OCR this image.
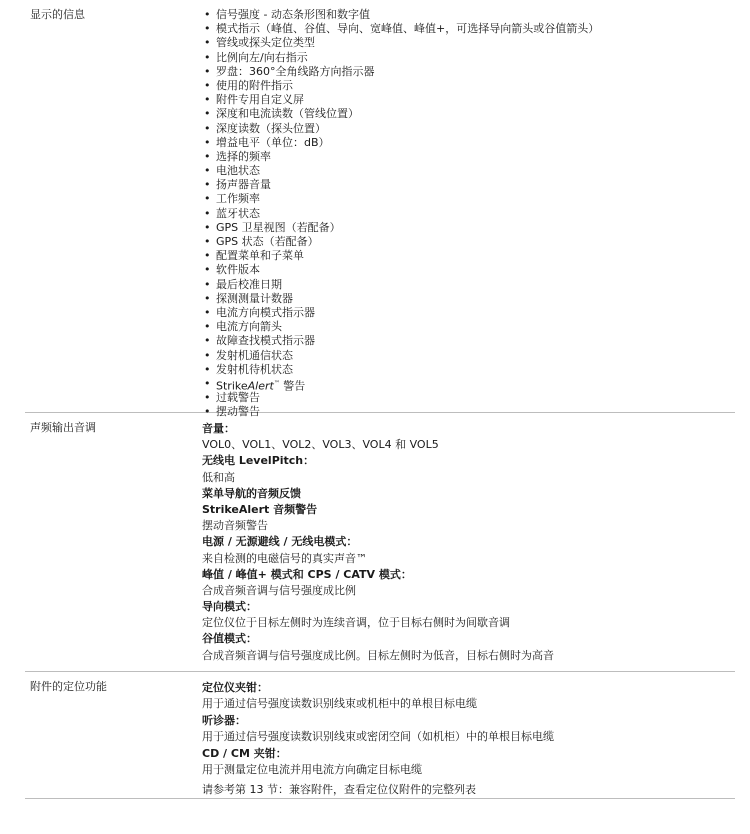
显示的信息
•	信号强度 - 动态条形图和数字值
• 模式指示（峰值、谷值、导向、宽峰值、峰值+，可选择导向箭头或谷值箭头）
• 管线或探头定位类型
• 比例向左/向右指示
• 罗盘：360°全角线路方向指示器
• 使用的附件指示
• 附件专用自定义屏
• 深度和电流读数（管线位置）
• 深度读数（探头位置）
• 增益电平（单位：dB）
• 选择的频率
• 电池状态
• 扬声器音量
• 工作频率
• 蓝牙状态
• GPS 卫星视图（若配备）
• GPS 状态（若配备）
• 配置菜单和子菜单
• 软件版本
• 最后校准日期
• 探测测量计数器
• 电流方向模式指示器
• 电流方向箭头
• 故障查找模式指示器
• 发射机通信状态
• 发射机待机状态
• StrikeAlert™ 警告
• 过载警告
• 摆动警告
声频输出音调	音量：
VOL0、VOL1、VOL2、VOL3、VOL4 和 VOL5
无线电 LevelPitch：
低和高
菜单导航的音频反馈
StrikeAlert 音频警告
摆动音频警告
电源 / 无源避线 / 无线电模式：
来自检测的电磁信号的真实声音™
峰值 / 峰值+ 模式和 CPS / CATV 模式：
合成音频音调与信号强度成比例
导向模式：
定位仪位于目标左侧时为连续音调，位于目标右侧时为间歇音调
谷值模式：
合成音频音调与信号强度成比例。目标左侧时为低音，目标右侧时为高音
附件的定位功能	定位仪夹钳：
用于通过信号强度读数识别线束或机柜中的单根目标电缆
听诊器：
用于通过信号强度读数识别线束或密闭空间（如机柜）中的单根目标电缆
CD / CM 夹钳：
用于测量定位电流并用电流方向确定目标电缆
请参考第 13 节：兼容附件，查看定位仪附件的完整列表
